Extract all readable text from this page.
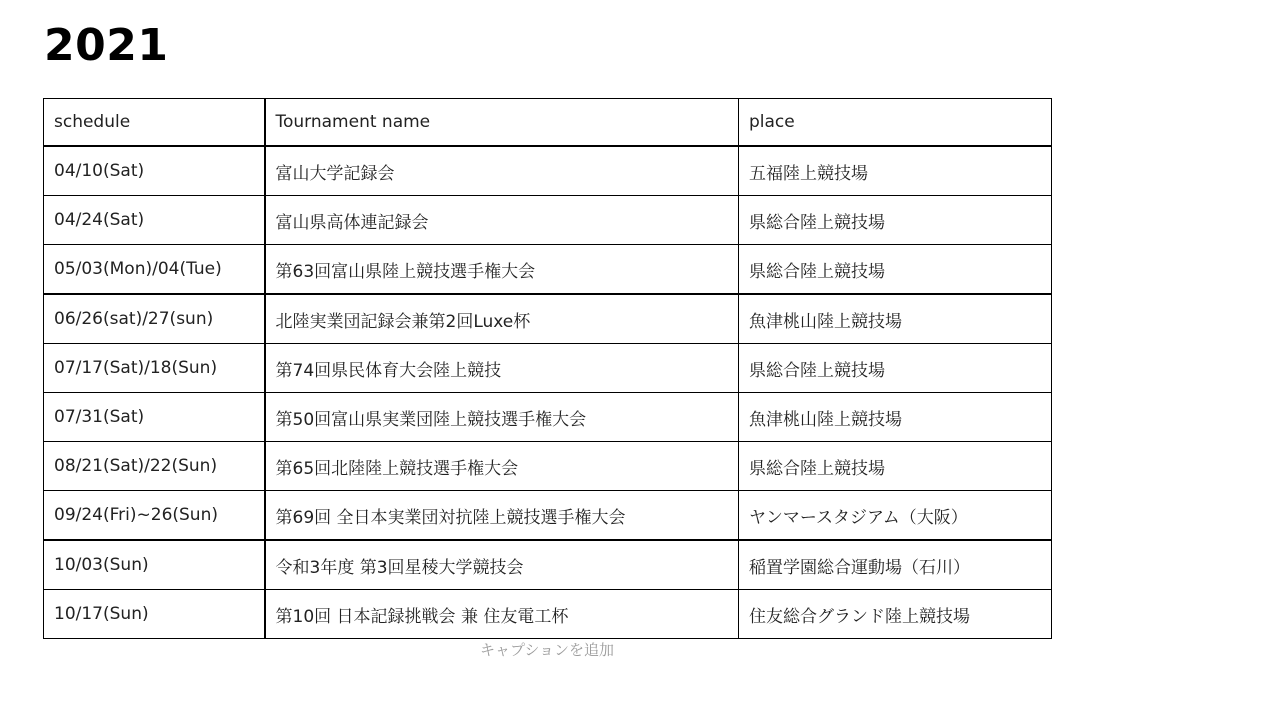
2021
schedule	Tournament name	place
04/10(Sat)	富山大学記録会	五福陸上競技場
04/24(Sat)	富山県高体連記録会	県総合陸上競技場
05/03(Mon)/04(Tue)	第63回富山県陸上競技選手権大会	県総合陸上競技場
06/26(sat)/27(sun)	北陸実業団記録会兼第2回Luxe杯	魚津桃山陸上競技場
07/17(Sat)/18(Sun)	第74回県民体育大会陸上競技	県総合陸上競技場
07/31(Sat)	第50回富山県実業団陸上競技選手権大会	魚津桃山陸上競技場
08/21(Sat)/22(Sun)	第65回北陸陸上競技選手権大会	県総合陸上競技場
09/24(Fri)~26(Sun)	第69回 全日本実業団対抗陸上競技選手権大会	ヤンマースタジアム（大阪）
10/03(Sun)	令和3年度 第3回星稜大学競技会	稲置学園総合運動場（石川）
10/17(Sun)	第10回 日本記録挑戦会 兼 住友電工杯	住友総合グランド陸上競技場
キャプションを追加
